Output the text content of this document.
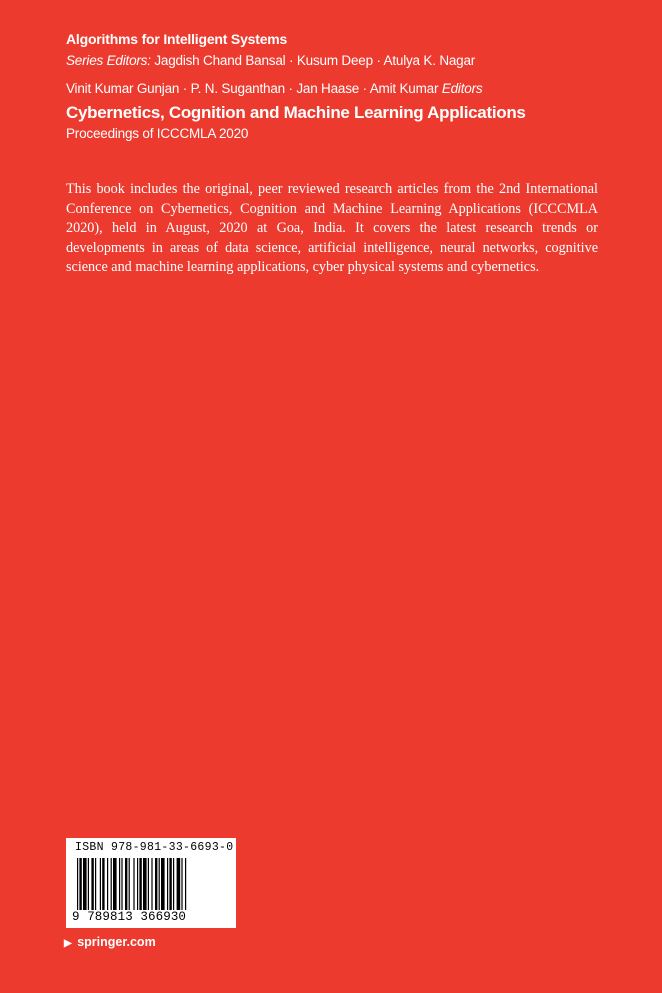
Algorithms for Intelligent Systems
Series Editors: Jagdish Chand Bansal · Kusum Deep · Atulya K. Nagar
Vinit Kumar Gunjan · P. N. Suganthan · Jan Haase · Amit Kumar Editors
Cybernetics, Cognition and Machine Learning Applications
Proceedings of ICCCMLA 2020

This book includes the original, peer reviewed research articles from the 2nd International Conference on Cybernetics, Cognition and Machine Learning Applications (ICCCMLA 2020), held in August, 2020 at Goa, India. It covers the latest research trends or developments in areas of data science, artificial intelligence, neural networks, cognitive science and machine learning applications, cyber physical systems and cybernetics.

ISBN 978-981-33-6693-0
9 789813 366930
▶ springer.com
